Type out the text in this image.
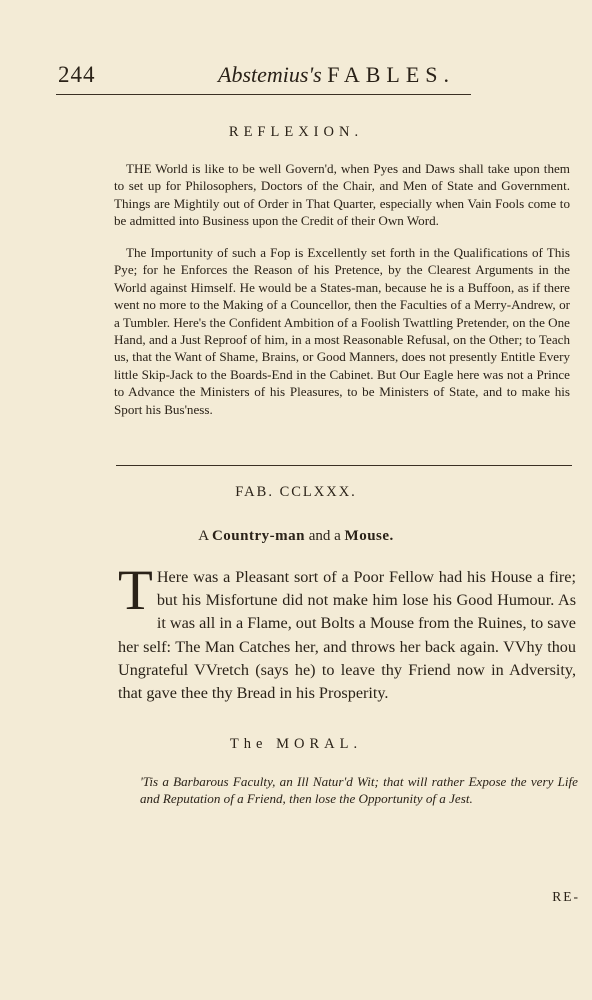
244	Abstemius's FABLES.
REFLEXION.

THE World is like to be well Govern'd, when Pyes and Daws shall take upon them to set up for Philosophers, Doctors of the Chair, and Men of State and Government. Things are Mightily out of Order in That Quarter, especially when Vain Fools come to be admitted into Business upon the Credit of their Own Word.

The Importunity of such a Fop is Excellently set forth in the Qualifications of This Pye; for he Enforces the Reason of his Pretence, by the Clearest Arguments in the World against Himself. He would be a States-man, because he is a Buffoon, as if there went no more to the Making of a Councellor, then the Faculties of a Merry-Andrew, or a Tumbler. Here's the Confident Ambition of a Foolish Twattling Pretender, on the One Hand, and a Just Reproof of him, in a most Reasonable Refusal, on the Other; to Teach us, that the Want of Shame, Brains, or Good Manners, does not presently Entitle Every little Skip-Jack to the Boards-End in the Cabinet. But Our Eagle here was not a Prince to Advance the Ministers of his Pleasures, to be Ministers of State, and to make his Sport his Bus'ness.

FAB. CCLXXX.
A Country-man and a Mouse.
T Here was a Pleasant sort of a Poor Fellow had his House a fire; but his Misfortune did not make him lose his Good Humour. As it was all in a Flame, out Bolts a Mouse from the Ruines, to save her self: The Man Catches her, and throws her back again. VVhy thou Ungrateful VVretch (says he) to leave thy Friend now in Adversity, that gave thee thy Bread in his Prosperity.
The MORAL.

'Tis a Barbarous Faculty, an Ill Natur'd Wit; that will rather Expose the very Life and Reputation of a Friend, then lose the Opportunity of a Jest.

RE-
